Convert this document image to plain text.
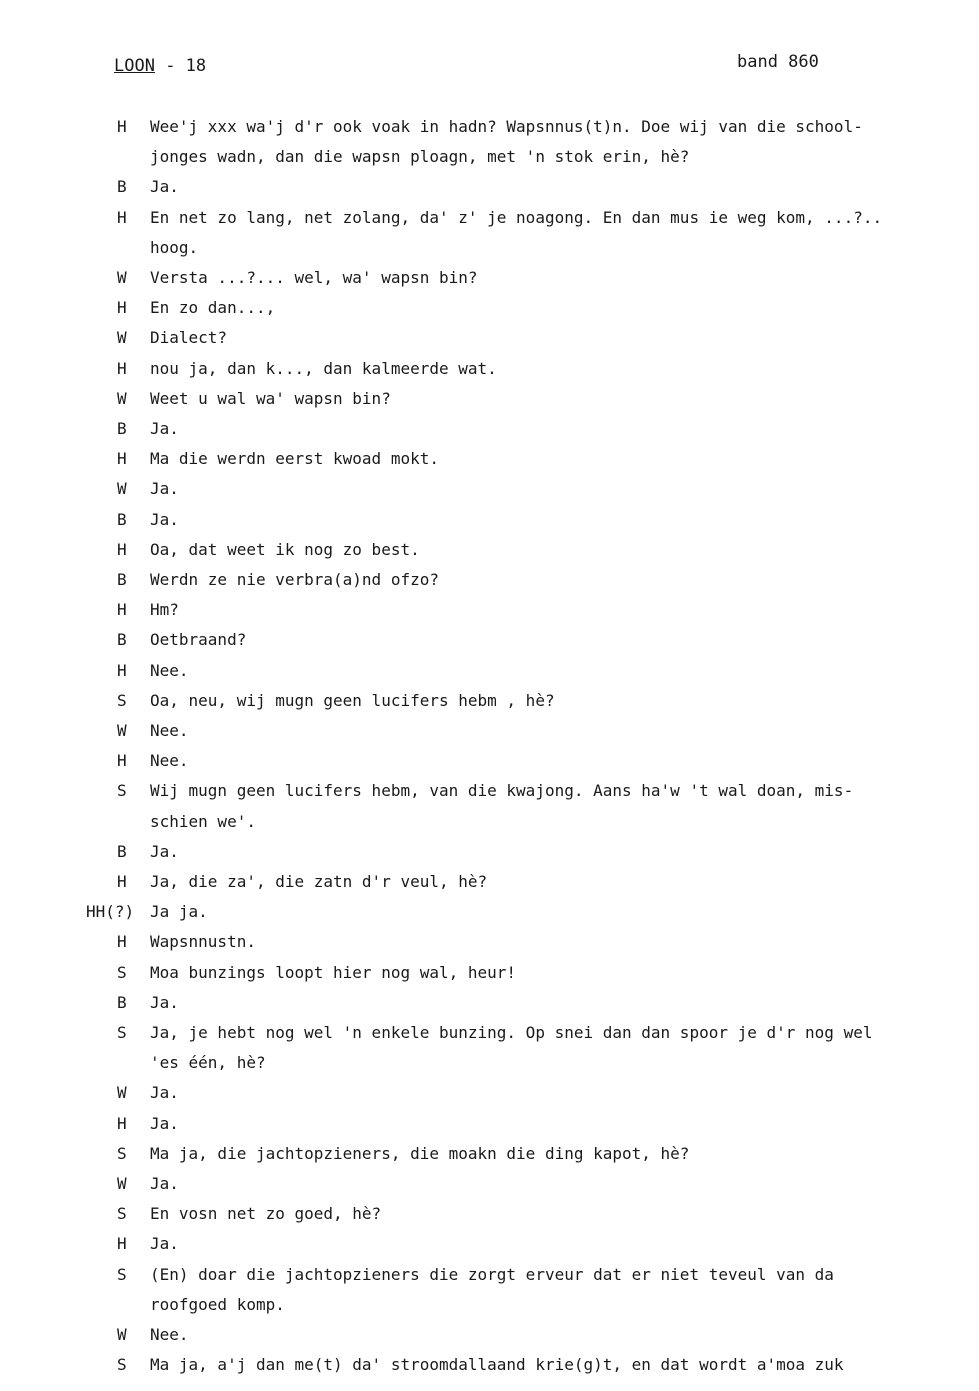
LOON - 18	band 860
H	Wee'j xxx wa'j d'r ook voak in hadn? Wapsnnus(t)n. Doe wij van die school-
jonges wadn, dan die wapsn ploagn, met 'n stok erin, hè?
B	Ja.
H	En net zo lang, net zolang, da' z' je noagong. En dan mus ie weg kom, ...?..
hoog.
W	Versta ...?... wel, wa' wapsn bin?
H	En zo dan...,
W	Dialect?
H	nou ja, dan k..., dan kalmeerde wat.
W	Weet u wal wa' wapsn bin?
B	Ja.
H	Ma die werdn eerst kwoad mokt.
W	Ja.
B	Ja.
H	Oa, dat weet ik nog zo best.
B	Werdn ze nie verbra(a)nd ofzo?
H	Hm?
B	Oetbraand?
H	Nee.
S	Oa, neu, wij mugn geen lucifers hebm , hè?
W	Nee.
H	Nee.
S	Wij mugn geen lucifers hebm, van die kwajong. Aans ha'w 't wal doan, mis-
schien we'.
B	Ja.
H	Ja, die za', die zatn d'r veul, hè?
HH(?) Ja ja.
H	Wapsnnustn.
S	Moa bunzings loopt hier nog wal, heur!
B	Ja.
S	Ja, je hebt nog wel 'n enkele bunzing. Op snei dan dan spoor je d'r nog wel
'es één, hè?
W	Ja.
H	Ja.
S	Ma ja, die jachtopzieners, die moakn die ding kapot, hè?
W	Ja.
S	En vosn net zo goed, hè?
H	Ja.
S	(En) doar die jachtopzieners die zorgt erveur dat er niet teveul van da
roofgoed komp.
W	Nee.
S	Ma ja, a'j dan me(t) da' stroomdallaand krie(g)t, en dat wordt a'moa zuk
